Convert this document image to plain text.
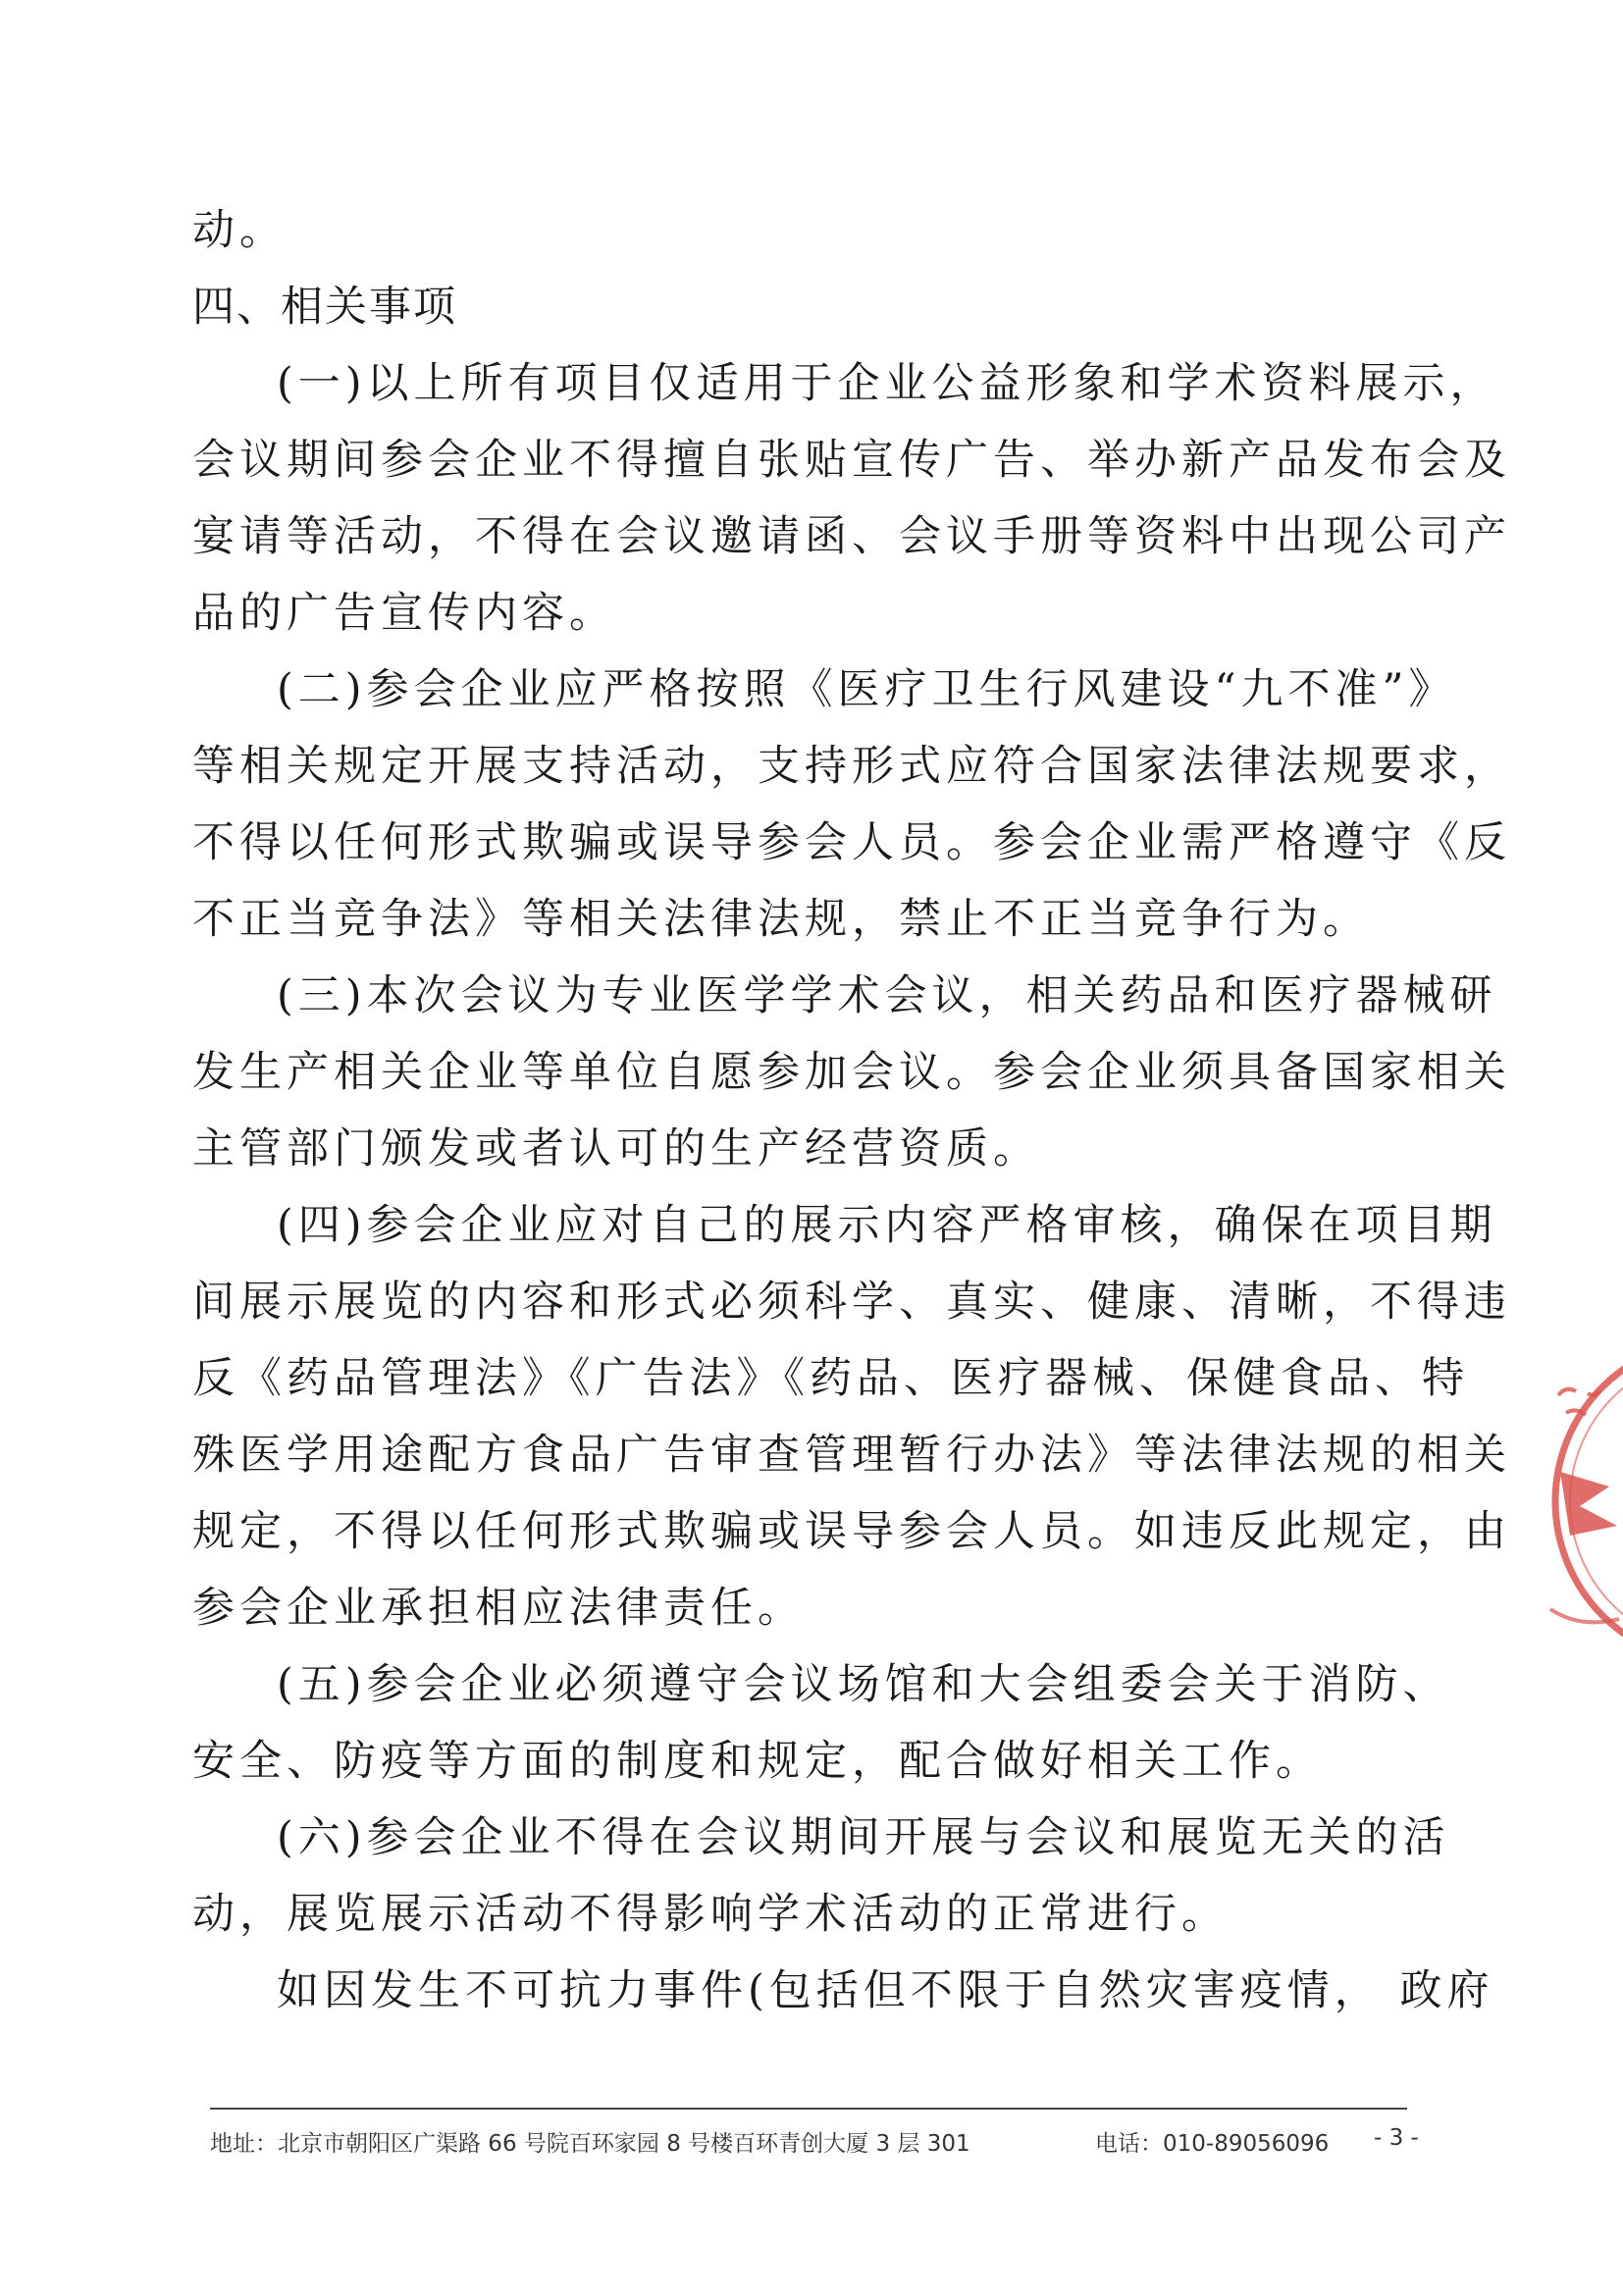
动。
四、相关事项
(一)以上所有项目仅适用于企业公益形象和学术资料展示，
会议期间参会企业不得擅自张贴宣传广告、举办新产品发布会及
宴请等活动，不得在会议邀请函、会议手册等资料中出现公司产
品的广告宣传内容。
(二)参会企业应严格按照《医疗卫生行风建设“九不准”》
等相关规定开展支持活动，支持形式应符合国家法律法规要求，
不得以任何形式欺骗或误导参会人员。参会企业需严格遵守《反
不正当竞争法》等相关法律法规，禁止不正当竞争行为。
(三)本次会议为专业医学学术会议，相关药品和医疗器械研
发生产相关企业等单位自愿参加会议。参会企业须具备国家相关
主管部门颁发或者认可的生产经营资质。
(四)参会企业应对自己的展示内容严格审核，确保在项目期
间展示展览的内容和形式必须科学、真实、健康、清晰，不得违
反《药品管理法》《广告法》《药品、医疗器械、保健食品、特
殊医学用途配方食品广告审查管理暂行办法》等法律法规的相关
规定，不得以任何形式欺骗或误导参会人员。如违反此规定，由
参会企业承担相应法律责任。
(五)参会企业必须遵守会议场馆和大会组委会关于消防、
安全、防疫等方面的制度和规定，配合做好相关工作。
(六)参会企业不得在会议期间开展与会议和展览无关的活
动，展览展示活动不得影响学术活动的正常进行。
如因发生不可抗力事件(包括但不限于自然灾害疫情， 政府
地址：北京市朝阳区广渠路 66 号院百环家园 8 号楼百环青创大厦 3 层 301	电话：010-89056096 - 3 -
